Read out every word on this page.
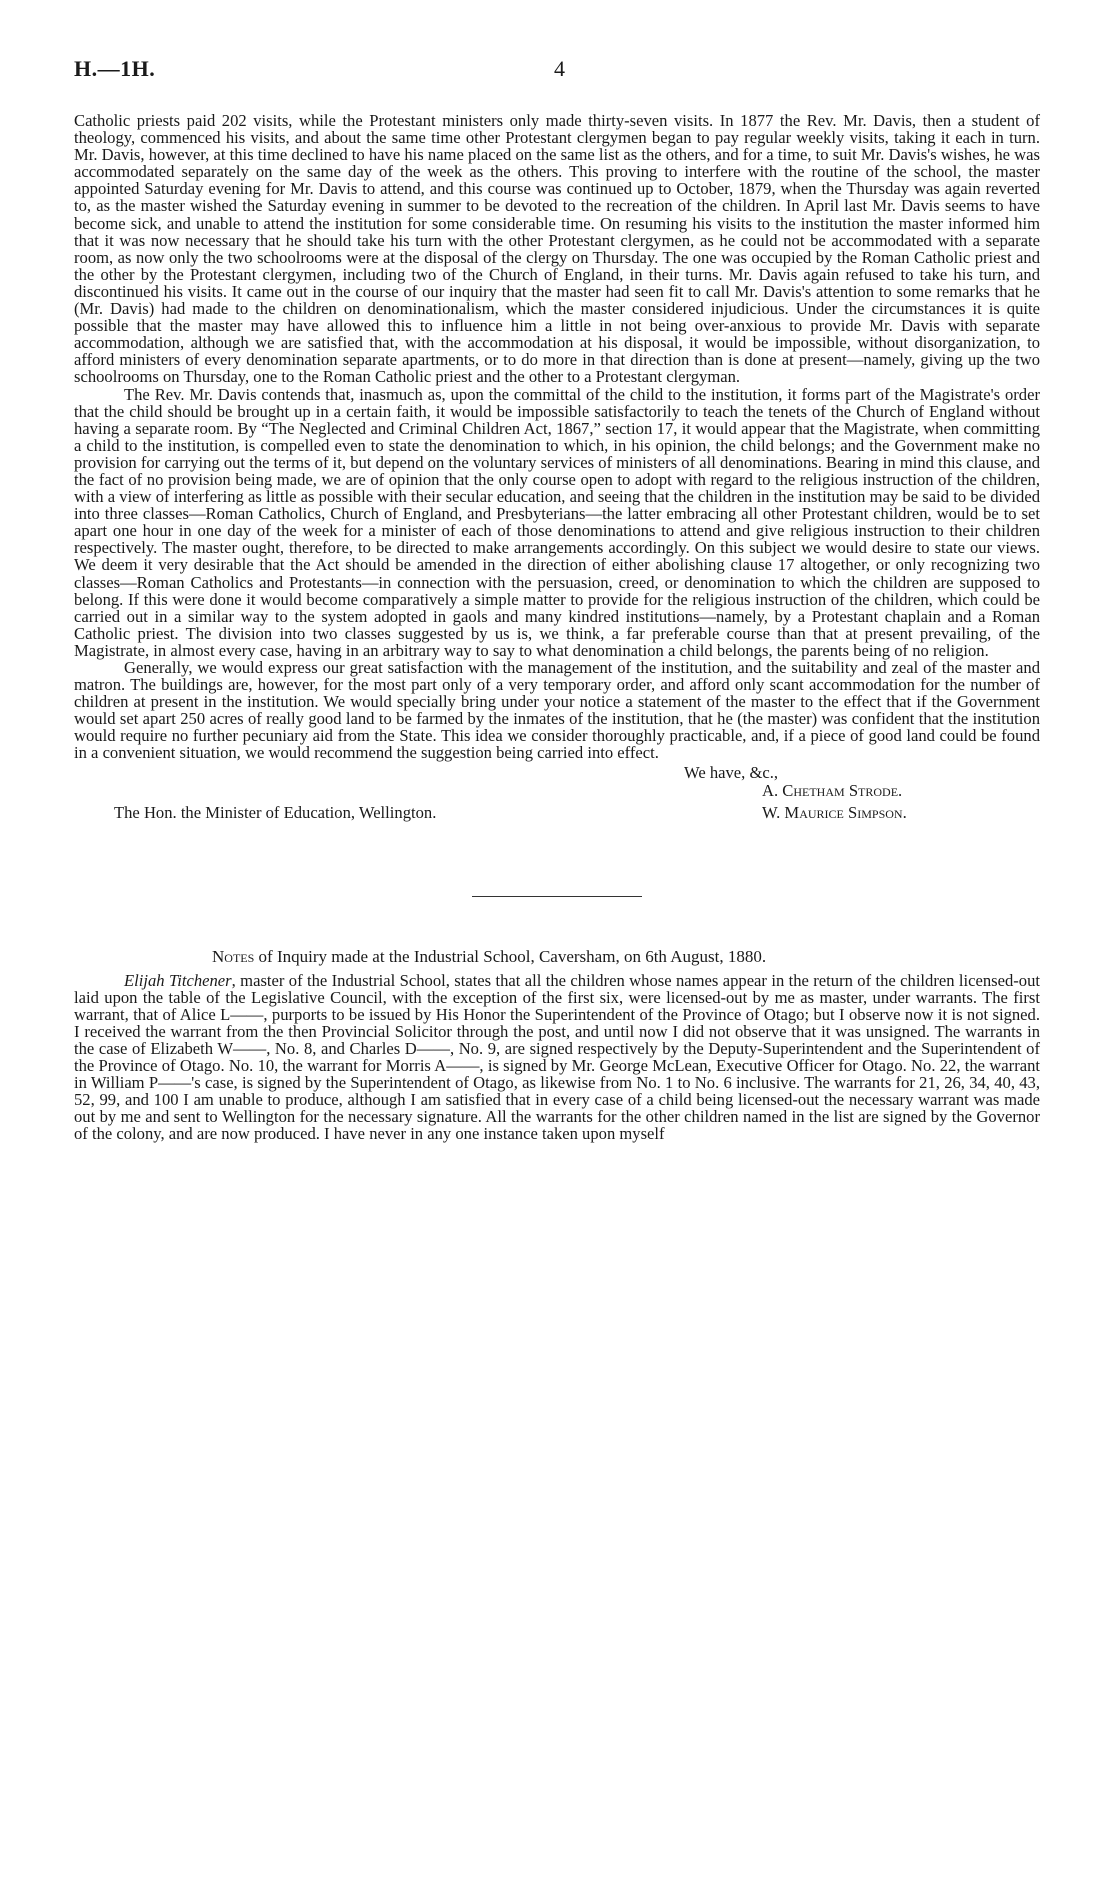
H.—1H.	4

Catholic priests paid 202 visits, while the Protestant ministers only made thirty-seven visits. In 1877 the Rev. Mr. Davis, then a student of theology, commenced his visits, and about the same time other Protestant clergymen began to pay regular weekly visits, taking it each in turn. Mr. Davis, however, at this time declined to have his name placed on the same list as the others, and for a time, to suit Mr. Davis's wishes, he was accommodated separately on the same day of the week as the others. This proving to interfere with the routine of the school, the master appointed Saturday evening for Mr. Davis to attend, and this course was continued up to October, 1879, when the Thursday was again reverted to, as the master wished the Saturday evening in summer to be devoted to the recreation of the children. In April last Mr. Davis seems to have become sick, and unable to attend the institution for some considerable time. On resuming his visits to the institution the master informed him that it was now necessary that he should take his turn with the other Protestant clergymen, as he could not be accommodated with a separate room, as now only the two schoolrooms were at the disposal of the clergy on Thursday. The one was occupied by the Roman Catholic priest and the other by the Protestant clergymen, including two of the Church of England, in their turns. Mr. Davis again refused to take his turn, and discontinued his visits. It came out in the course of our inquiry that the master had seen fit to call Mr. Davis's attention to some remarks that he (Mr. Davis) had made to the children on denominationalism, which the master considered injudicious. Under the circumstances it is quite possible that the master may have allowed this to influence him a little in not being over-anxious to provide Mr. Davis with separate accommodation, although we are satisfied that, with the accommodation at his disposal, it would be impossible, without disorganization, to afford ministers of every denomination separate apartments, or to do more in that direction than is done at present—namely, giving up the two schoolrooms on Thursday, one to the Roman Catholic priest and the other to a Protestant clergyman.

The Rev. Mr. Davis contends that, inasmuch as, upon the committal of the child to the institution, it forms part of the Magistrate's order that the child should be brought up in a certain faith, it would be impossible satisfactorily to teach the tenets of the Church of England without having a separate room. By “The Neglected and Criminal Children Act, 1867,” section 17, it would appear that the Magistrate, when committing a child to the institution, is compelled even to state the denomination to which, in his opinion, the child belongs; and the Government make no provision for carrying out the terms of it, but depend on the voluntary services of ministers of all denominations. Bearing in mind this clause, and the fact of no provision being made, we are of opinion that the only course open to adopt with regard to the religious instruction of the children, with a view of interfering as little as possible with their secular education, and seeing that the children in the institution may be said to be divided into three classes—Roman Catholics, Church of England, and Presbyterians—the latter embracing all other Protestant children, would be to set apart one hour in one day of the week for a minister of each of those denominations to attend and give religious instruction to their children respectively. The master ought, therefore, to be directed to make arrangements accordingly. On this subject we would desire to state our views. We deem it very desirable that the Act should be amended in the direction of either abolishing clause 17 altogether, or only recognizing two classes—Roman Catholics and Protestants—in connection with the persuasion, creed, or denomination to which the children are supposed to belong. If this were done it would become comparatively a simple matter to provide for the religious instruction of the children, which could be carried out in a similar way to the system adopted in gaols and many kindred institutions—namely, by a Protestant chaplain and a Roman Catholic priest. The division into two classes suggested by us is, we think, a far preferable course than that at present prevailing, of the Magistrate, in almost every case, having in an arbitrary way to say to what denomination a child belongs, the parents being of no religion.

Generally, we would express our great satisfaction with the management of the institution, and the suitability and zeal of the master and matron. The buildings are, however, for the most part only of a very temporary order, and afford only scant accommodation for the number of children at present in the institution. We would specially bring under your notice a statement of the master to the effect that if the Government would set apart 250 acres of really good land to be farmed by the inmates of the institution, that he (the master) was confident that the institution would require no further pecuniary aid from the State. This idea we consider thoroughly practicable, and, if a piece of good land could be found in a convenient situation, we would recommend the suggestion being carried into effect.

We have, &c.,
A. Chetham Strode.
The Hon. the Minister of Education, Wellington.	W. Maurice Simpson.
Notes of Inquiry made at the Industrial School, Caversham, on 6th August, 1880.

Elijah Titchener, master of the Industrial School, states that all the children whose names appear in the return of the children licensed-out laid upon the table of the Legislative Council, with the exception of the first six, were licensed-out by me as master, under warrants. The first warrant, that of Alice L——, purports to be issued by His Honor the Superintendent of the Province of Otago; but I observe now it is not signed. I received the warrant from the then Provincial Solicitor through the post, and until now I did not observe that it was unsigned. The warrants in the case of Elizabeth W——, No. 8, and Charles D——, No. 9, are signed respectively by the Deputy-Superintendent and the Superintendent of the Province of Otago. No. 10, the warrant for Morris A——, is signed by Mr. George McLean, Executive Officer for Otago. No. 22, the warrant in William P——'s case, is signed by the Superintendent of Otago, as likewise from No. 1 to No. 6 inclusive. The warrants for 21, 26, 34, 40, 43, 52, 99, and 100 I am unable to produce, although I am satisfied that in every case of a child being licensed-out the necessary warrant was made out by me and sent to Wellington for the necessary signature. All the warrants for the other children named in the list are signed by the Governor of the colony, and are now produced. I have never in any one instance taken upon myself
